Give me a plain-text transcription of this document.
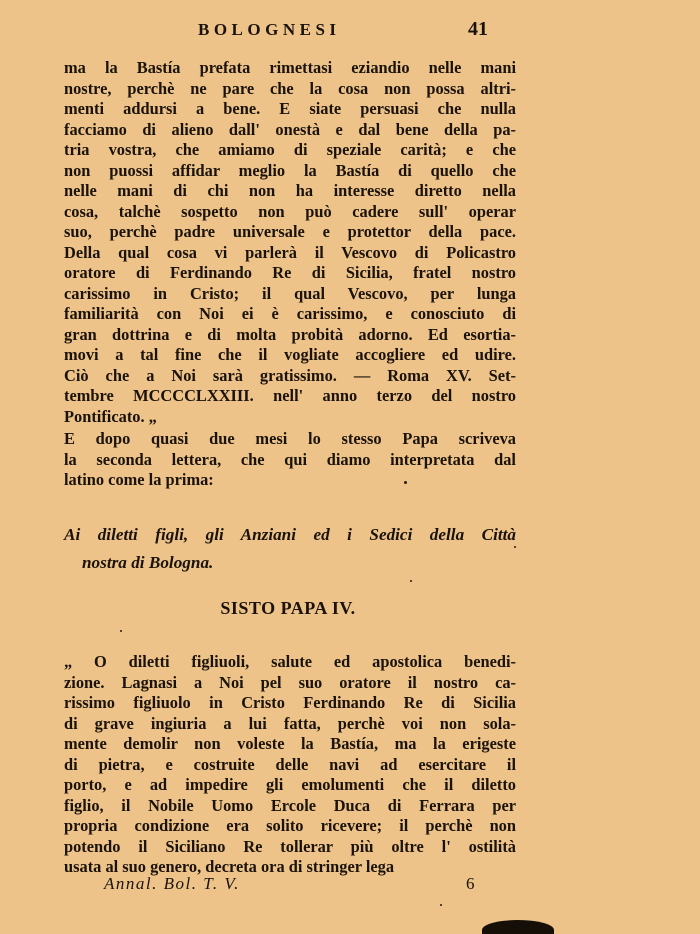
BOLOGNESI	41
ma la Bastía prefata rimettasi eziandio nelle mani
nostre, perchè ne pare che la cosa non possa altri-
menti addursi a bene. E siate persuasi che nulla
facciamo di alieno dall' onestà e dal bene della pa-
tria vostra, che amiamo di speziale carità; e che
non puossi affidar meglio la Bastía di quello che
nelle mani di chi non ha interesse diretto nella
cosa, talchè sospetto non può cadere sull' operar
suo, perchè padre universale e protettor della pace.
Della qual cosa vi parlerà il Vescovo di Policastro
oratore di Ferdinando Re di Sicilia, fratel nostro
carissimo in Cristo; il qual Vescovo, per lunga
familiarità con Noi ei è carissimo, e conosciuto di
gran dottrina e di molta probità adorno. Ed esortia-
movi a tal fine che il vogliate accogliere ed udire.
Ciò che a Noi sarà gratissimo. — Roma XV. Set-
tembre MCCCCLXXIII. nell' anno terzo del nostro
Pontificato. „
E dopo quasi due mesi lo stesso Papa scriveva
la seconda lettera, che qui diamo interpretata dal
latino come la prima:
Ai diletti figli, gli Anziani ed i Sedici della Città
nostra di Bologna.
SISTO PAPA IV.
„ O diletti figliuoli, salute ed apostolica benedi-
zione. Lagnasi a Noi pel suo oratore il nostro ca-
rissimo figliuolo in Cristo Ferdinando Re di Sicilia
di grave ingiuria a lui fatta, perchè voi non sola-
mente demolir non voleste la Bastía, ma la erigeste
di pietra, e costruite delle navi ad esercitare il
porto, e ad impedire gli emolumenti che il diletto
figlio, il Nobile Uomo Ercole Duca di Ferrara per
propria condizione era solito ricevere; il perchè non
potendo il Siciliano Re tollerar più oltre l' ostilità
usata al suo genero, decreta ora di stringer lega
Annal. Bol. T. V.	6
